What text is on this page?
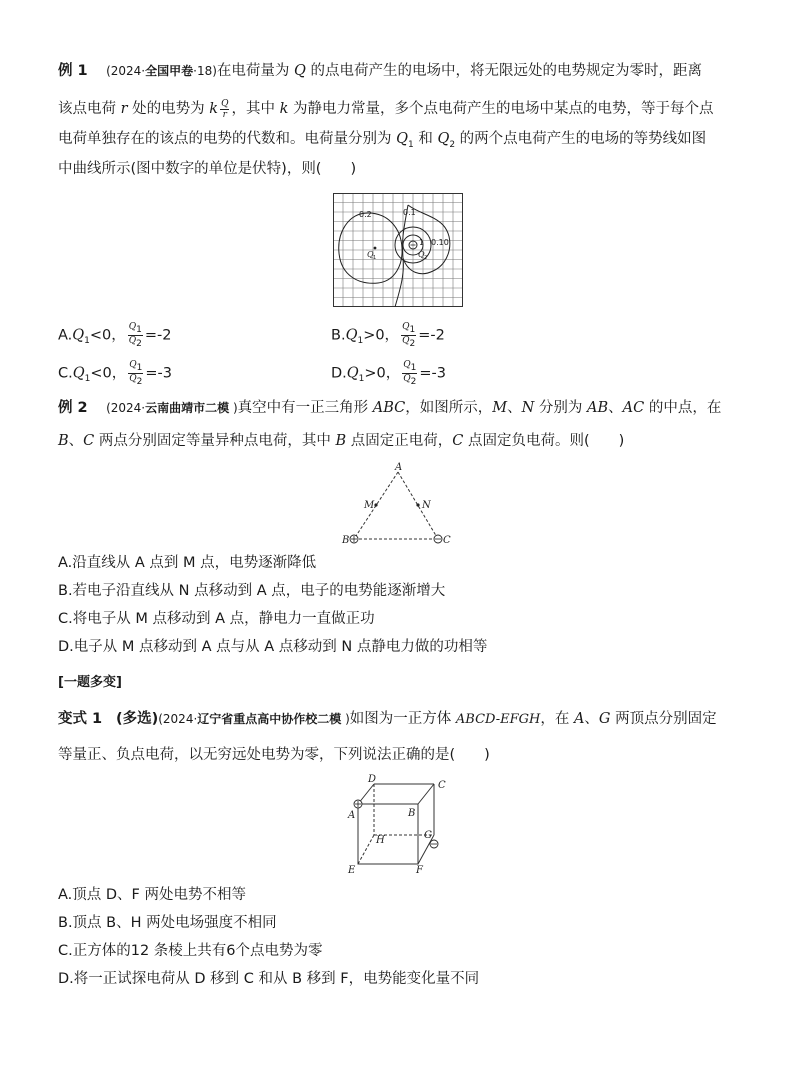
例 1 (2024·全国甲卷·18)在电荷量为 Q 的点电荷产生的电场中，将无限远处的电势规定为零时，距离
该点电荷 r 处的电势为 k $\frac{Q}{r}$ ，其中 k 为静电力常量，多个点电荷产生的电场中某点的电势，等于每个点
电荷单独存在的该点的电势的代数和。电荷量分别为 $Q_1$ 和 $Q_2$ 的两个点电荷产生的电场的等势线如图
中曲线所示(图中数字的单位是伏特)，则(　　)
0.2	0.1
1 0.10
Q 1	Q 2
$A.Q_1<0$， $\frac{Q_1}{Q_2} =-2$	$B.Q_1>0$， $\frac{Q_1}{Q_2} =-2$
$C.Q_1<0$， $\frac{Q_1}{Q_2} =-3$	$D.Q_1>0$， $\frac{Q_1}{Q_2} =-3$
例 2 (2024·云南曲靖市二模 )真空中有一正三角形 ABC，如图所示，M、N 分别为 AB、AC 的中点，在
B、C 两点分别固定等量异种点电荷，其中 B 点固定正电荷，C 点固定负电荷。则(　　)
A
M	N
B	C
A.沿直线从 A 点到 M 点，电势逐渐降低
B.若电子沿直线从 N 点移动到 A 点，电子的电势能逐渐增大
C.将电子从 M 点移动到 A 点，静电力一直做正功
D.电子从 M 点移动到 A 点与从 A 点移动到 N 点静电力做的功相等
[一题多变]
变式 1 (多选)(2024·辽宁省重点高中协作校二模 )如图为一正方体 ABCD-EFGH，在 A、G 两顶点分别固定
等量正、负点电荷，以无穷远处电势为零，下列说法正确的是(　　)
D
C
A	B
H	G
E	F
A.顶点 D、F 两处电势不相等
B.顶点 B、H 两处电场强度不相同
C.正方体的12 条棱上共有6个点电势为零
D.将一正试探电荷从 D 移到 C 和从 B 移到 F，电势能变化量不同
